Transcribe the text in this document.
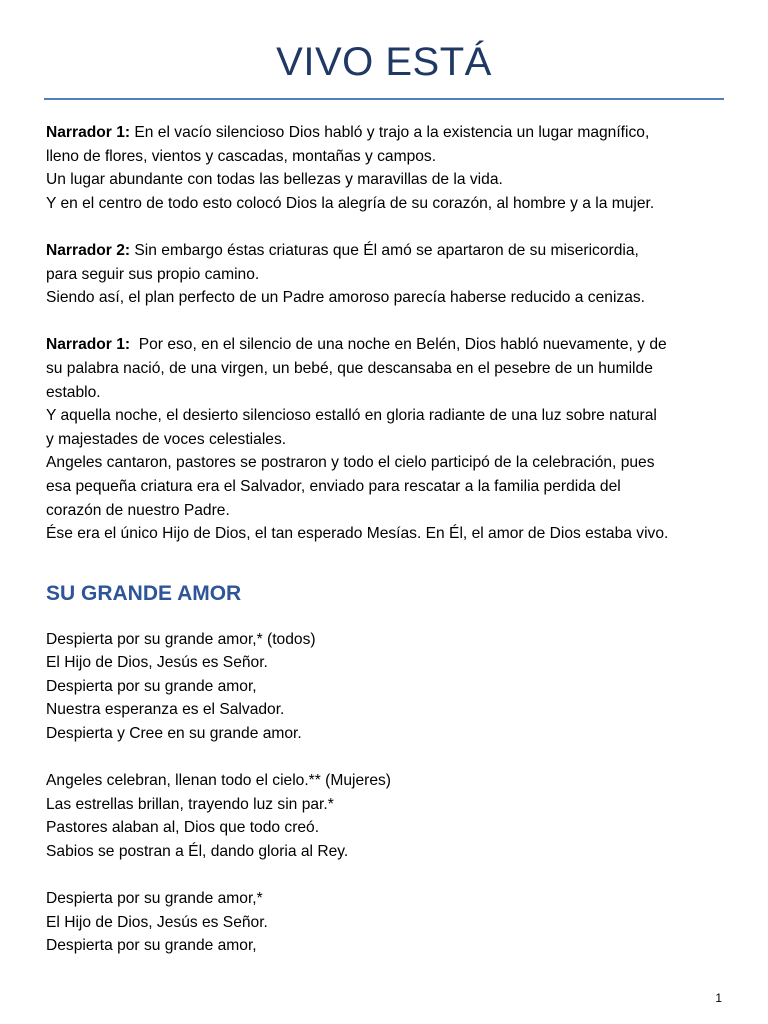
VIVO ESTÁ

Narrador 1: En el vacío silencioso Dios habló y trajo a la existencia un lugar magnífico,

lleno de flores, vientos y cascadas, montañas y campos.

Un lugar abundante con todas las bellezas y maravillas de la vida.

Y en el centro de todo esto colocó Dios la alegría de su corazón, al hombre y a la mujer.

Narrador 2: Sin embargo éstas criaturas que Él amó se apartaron de su misericordia,

para seguir sus propio camino.

Siendo así, el plan perfecto de un Padre amoroso parecía haberse reducido a cenizas.

Narrador 1:  Por eso, en el silencio de una noche en Belén, Dios habló nuevamente, y de

su palabra nació, de una virgen, un bebé, que descansaba en el pesebre de un humilde

establo.

Y aquella noche, el desierto silencioso estalló en gloria radiante de una luz sobre natural

y majestades de voces celestiales.

Angeles cantaron, pastores se postraron y todo el cielo participó de la celebración, pues

esa pequeña criatura era el Salvador, enviado para rescatar a la familia perdida del

corazón de nuestro Padre.

Ése era el único Hijo de Dios, el tan esperado Mesías. En Él, el amor de Dios estaba vivo.

SU GRANDE AMOR

Despierta por su grande amor,* (todos)

El Hijo de Dios, Jesús es Señor.

Despierta por su grande amor,

Nuestra esperanza es el Salvador.

Despierta y Cree en su grande amor.

Angeles celebran, llenan todo el cielo.** (Mujeres)

Las estrellas brillan, trayendo luz sin par.*

Pastores alaban al, Dios que todo creó.

Sabios se postran a Él, dando gloria al Rey.

Despierta por su grande amor,*

El Hijo de Dios, Jesús es Señor.

Despierta por su grande amor,

1
